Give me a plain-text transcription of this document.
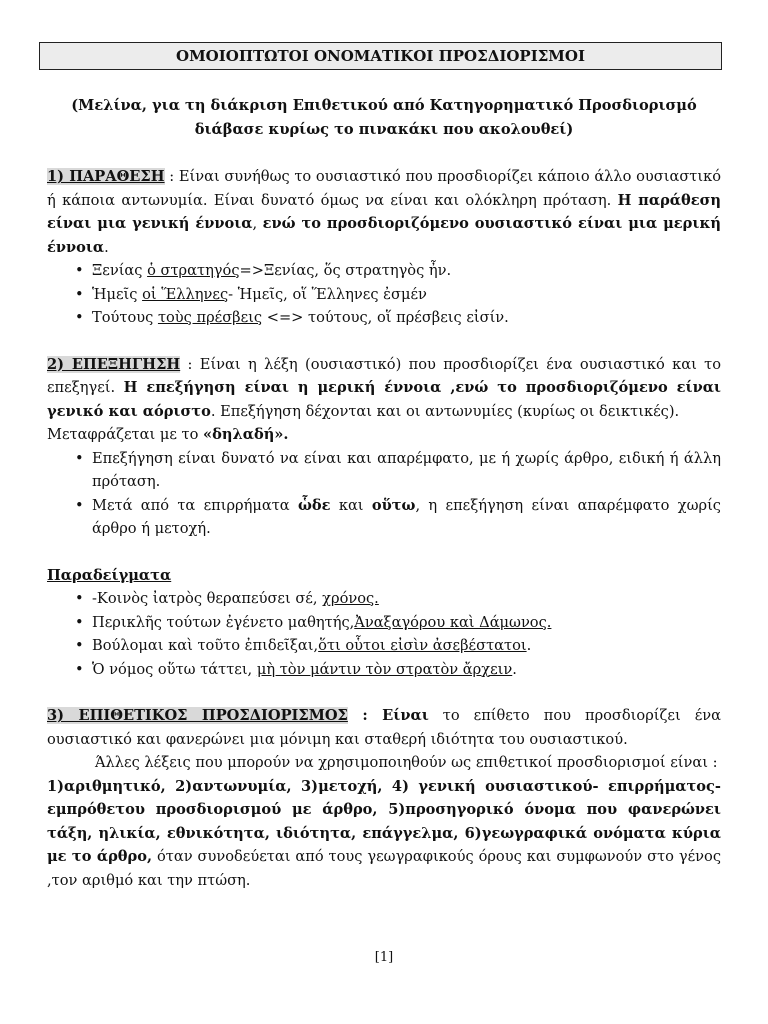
ΟΜΟΙΟΠΤΩΤΟΙ ΟΝΟΜΑΤΙΚΟΙ ΠΡΟΣΔΙΟΡΙΣΜΟΙ
(Μελίνα, για τη διάκριση Επιθετικού από Κατηγορηματικό Προσδιορισμό
διάβασε κυρίως το πινακάκι που ακολουθεί)

1) ΠΑΡΑΘΕΣΗ : Είναι συνήθως το ουσιαστικό που προσδιορίζει κάποιο άλλο ουσιαστικό ή κάποια αντωνυμία. Είναι δυνατό όμως να είναι και ολόκληρη πρόταση. Η παράθεση είναι μια γενική έννοια, ενώ το προσδιοριζόμενο ουσιαστικό είναι μια μερική έννοια.

• Ξενίας ὁ στρατηγός=>Ξενίας, ὅς στρατηγὸς ἦν.
• Ἡμεῖς οἱ Ἕλληνες- Ἡμεῖς, οἵ Ἕλληνες ἐσμέν
• Τούτους τοὺς πρέσβεις <=> τούτους, οἵ πρέσβεις εἰσίν.

2) ΕΠΕΞΗΓΗΣΗ : Είναι η λέξη (ουσιαστικό) που προσδιορίζει ένα ουσιαστικό και το επεξηγεί. Η επεξήγηση είναι η μερική έννοια ,ενώ το προσδιοριζόμενο είναι γενικό και αόριστο. Επεξήγηση δέχονται και οι αντωνυμίες (κυρίως οι δεικτικές).

Μεταφράζεται με το «δηλαδή».

• Επεξήγηση είναι δυνατό να είναι και απαρέμφατο, με ή χωρίς άρθρο, ειδική ή άλλη πρόταση.
• Μετά από τα επιρρήματα ὧδε και οὕτω, η επεξήγηση είναι απαρέμφατο χωρίς άρθρο ή μετοχή.
Παραδείγματα
• -Κοινὸς ἰατρὸς θεραπεύσει σέ, χρόνος.
• Περικλῆς τούτων ἐγένετο μαθητής,Ἀναξαγόρου καὶ Δάμωνος.
• Βούλομαι καὶ τοῦτο ἐπιδεῖξαι,ὅτι οὗτοι εἰσὶν ἀσεβέστατοι.
• Ὁ νόμος οὕτω τάττει, μὴ τὸν μάντιν τὸν στρατὸν ἄρχειν.

3) ΕΠΙΘΕΤΙΚΟΣ ΠΡΟΣΔΙΟΡΙΣΜΟΣ : Είναι το επίθετο που προσδιορίζει ένα ουσιαστικό και φανερώνει μια μόνιμη και σταθερή ιδιότητα του ουσιαστικού.

Άλλες λέξεις που μπορούν να χρησιμοποιηθούν ως επιθετικοί προσδιορισμοί είναι :

1)αριθμητικό, 2)αντωνυμία, 3)μετοχή, 4) γενική ουσιαστικού- επιρρήματος-εμπρόθετου προσδιορισμού με άρθρο, 5)προσηγορικό όνομα που φανερώνει τάξη, ηλικία, εθνικότητα, ιδιότητα, επάγγελμα, 6)γεωγραφικά ονόματα κύρια με το άρθρο, όταν συνοδεύεται από τους γεωγραφικούς όρους και συμφωνούν στο γένος ,τον αριθμό και την πτώση.

[1]
